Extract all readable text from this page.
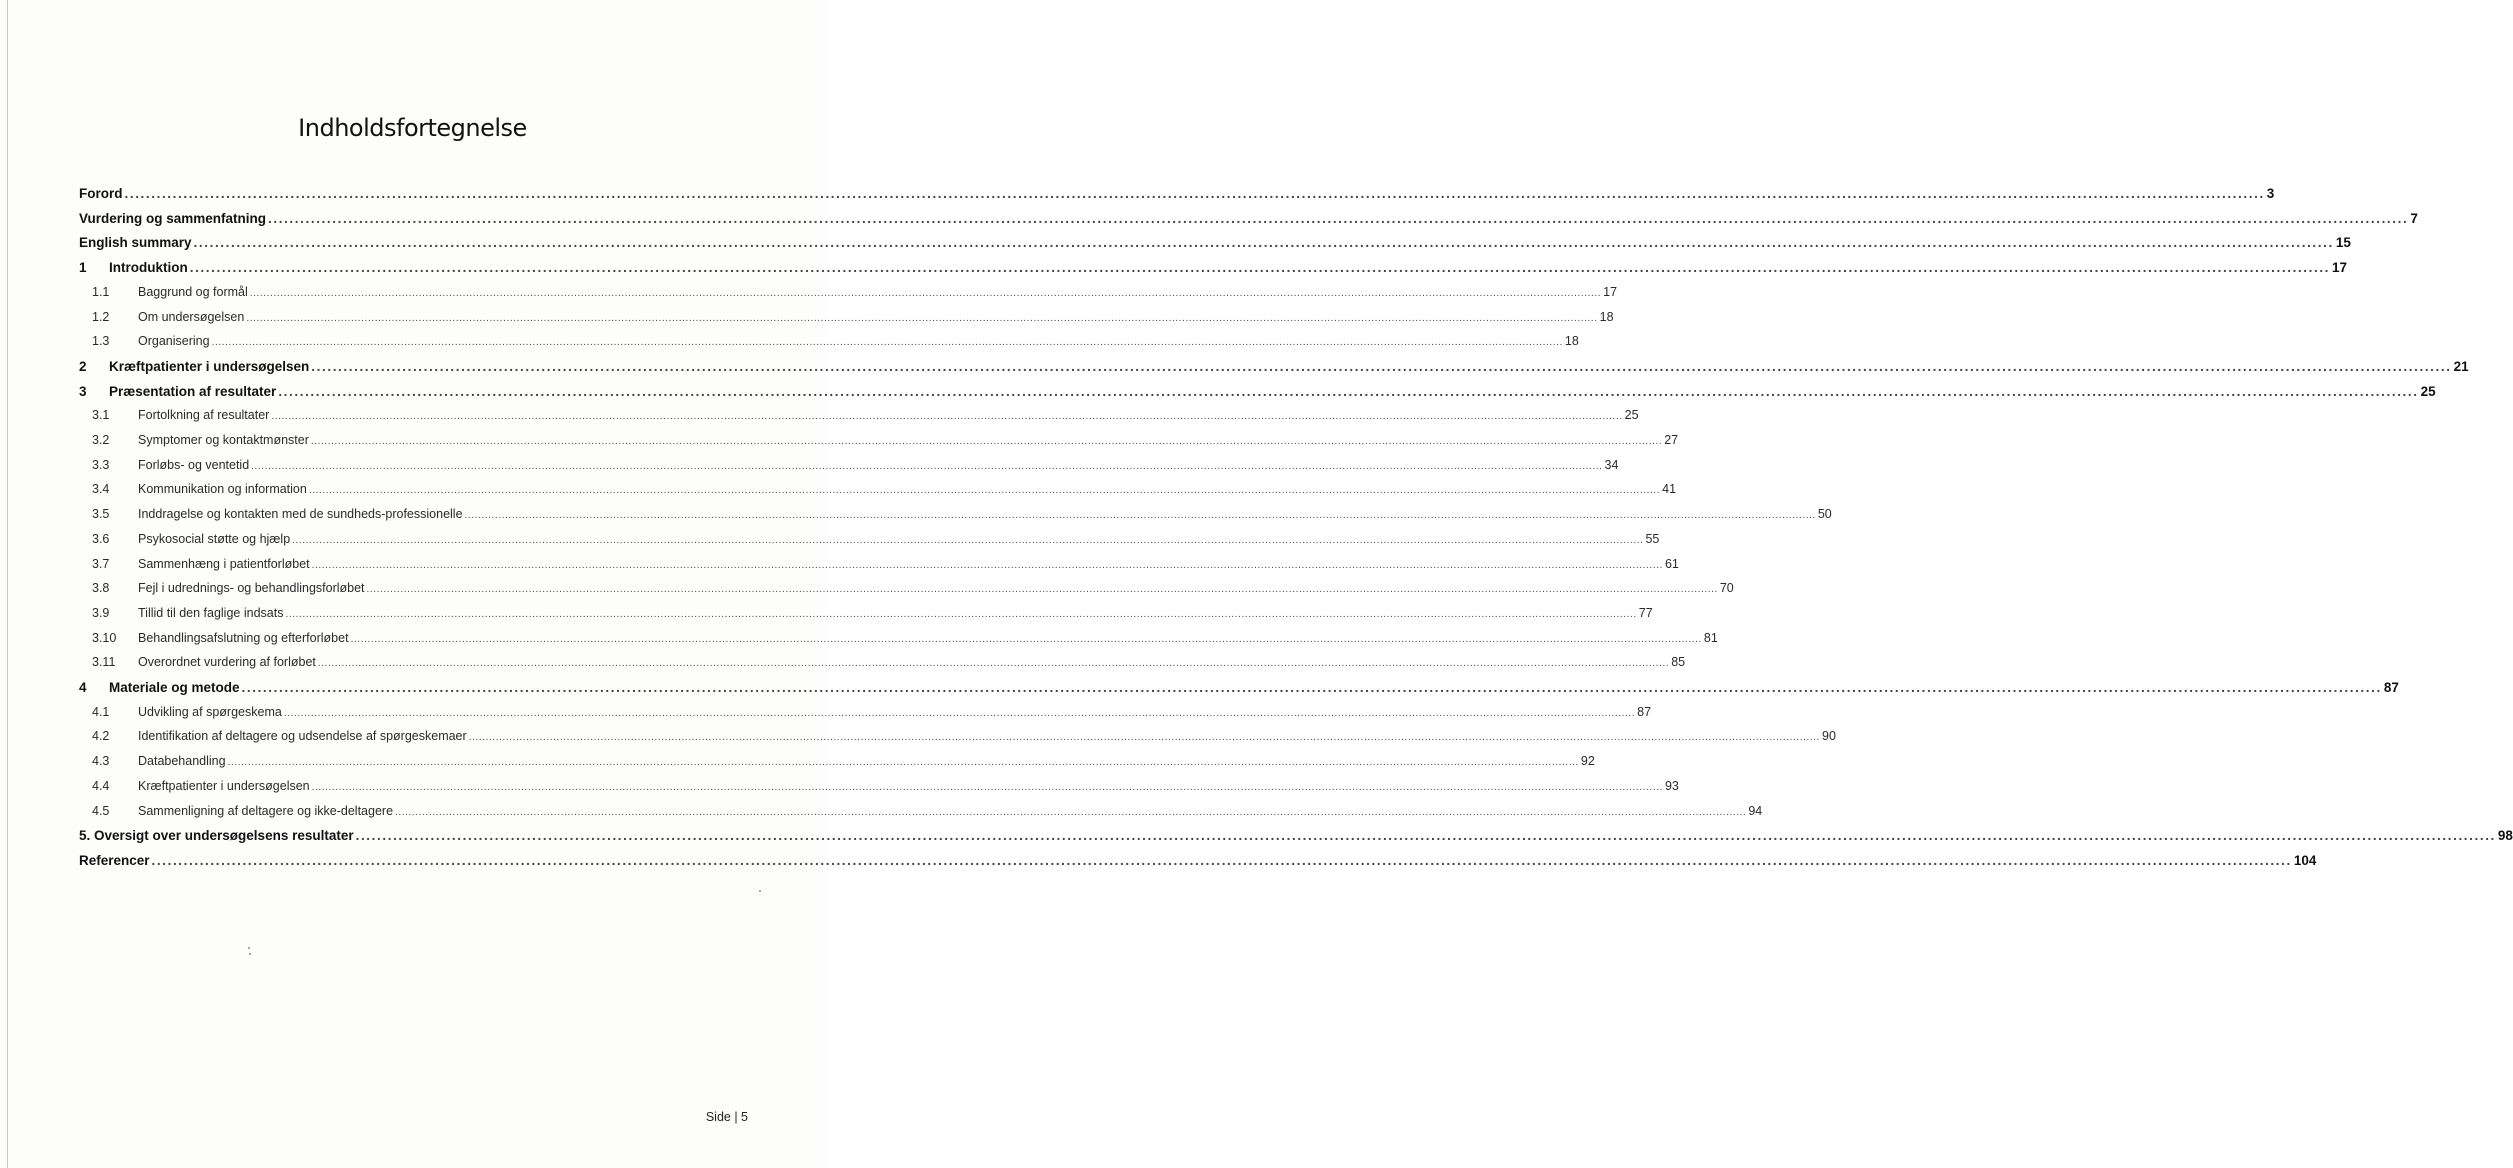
Indholdsfortegnelse
Forord ................................................................................................................................................................................................................................................................................................................................................................................................................ 3
Vurdering og sammenfatning ................................................................................................................................................................................................................................................................................................................................................................................................................ 7
English summary ................................................................................................................................................................................................................................................................................................................................................................................................................ 15
1	Introduktion ................................................................................................................................................................................................................................................................................................................................................................................................................ 17
1.1	Baggrund og formål ................................................................................................................................................................................................................................................................................................................................................................................................................ 17
1.2	Om undersøgelsen ................................................................................................................................................................................................................................................................................................................................................................................................................ 18
1.3	Organisering ................................................................................................................................................................................................................................................................................................................................................................................................................ 18
2	Kræftpatienter i undersøgelsen ................................................................................................................................................................................................................................................................................................................................................................................................................ 21
3	Præsentation af resultater ................................................................................................................................................................................................................................................................................................................................................................................................................ 25
3.1	Fortolkning af resultater ................................................................................................................................................................................................................................................................................................................................................................................................................ 25
3.2	Symptomer og kontaktmønster ................................................................................................................................................................................................................................................................................................................................................................................................................ 27
3.3	Forløbs- og ventetid ................................................................................................................................................................................................................................................................................................................................................................................................................ 34
3.4	Kommunikation og information ................................................................................................................................................................................................................................................................................................................................................................................................................ 41
3.5	Inddragelse og kontakten med de sundheds-professionelle ................................................................................................................................................................................................................................................................................................................................................................................................................ 50
3.6	Psykosocial støtte og hjælp ................................................................................................................................................................................................................................................................................................................................................................................................................ 55
3.7	Sammenhæng i patientforløbet ................................................................................................................................................................................................................................................................................................................................................................................................................ 61
3.8	Fejl i udrednings- og behandlingsforløbet ................................................................................................................................................................................................................................................................................................................................................................................................................ 70
3.9	Tillid til den faglige indsats ................................................................................................................................................................................................................................................................................................................................................................................................................ 77
3.10	Behandlingsafslutning og efterforløbet ................................................................................................................................................................................................................................................................................................................................................................................................................ 81
3.11	Overordnet vurdering af forløbet ................................................................................................................................................................................................................................................................................................................................................................................................................ 85
4	Materiale og metode ................................................................................................................................................................................................................................................................................................................................................................................................................ 87
4.1	Udvikling af spørgeskema ................................................................................................................................................................................................................................................................................................................................................................................................................ 87
4.2	Identifikation af deltagere og udsendelse af spørgeskemaer ................................................................................................................................................................................................................................................................................................................................................................................................................ 90
4.3	Databehandling ................................................................................................................................................................................................................................................................................................................................................................................................................ 92
4.4	Kræftpatienter i undersøgelsen ................................................................................................................................................................................................................................................................................................................................................................................................................ 93
4.5	Sammenligning af deltagere og ikke-deltagere ................................................................................................................................................................................................................................................................................................................................................................................................................ 94
5. Oversigt over undersøgelsens resultater ................................................................................................................................................................................................................................................................................................................................................................................................................ 98
Referencer ................................................................................................................................................................................................................................................................................................................................................................................................................ 104
Side | 5
